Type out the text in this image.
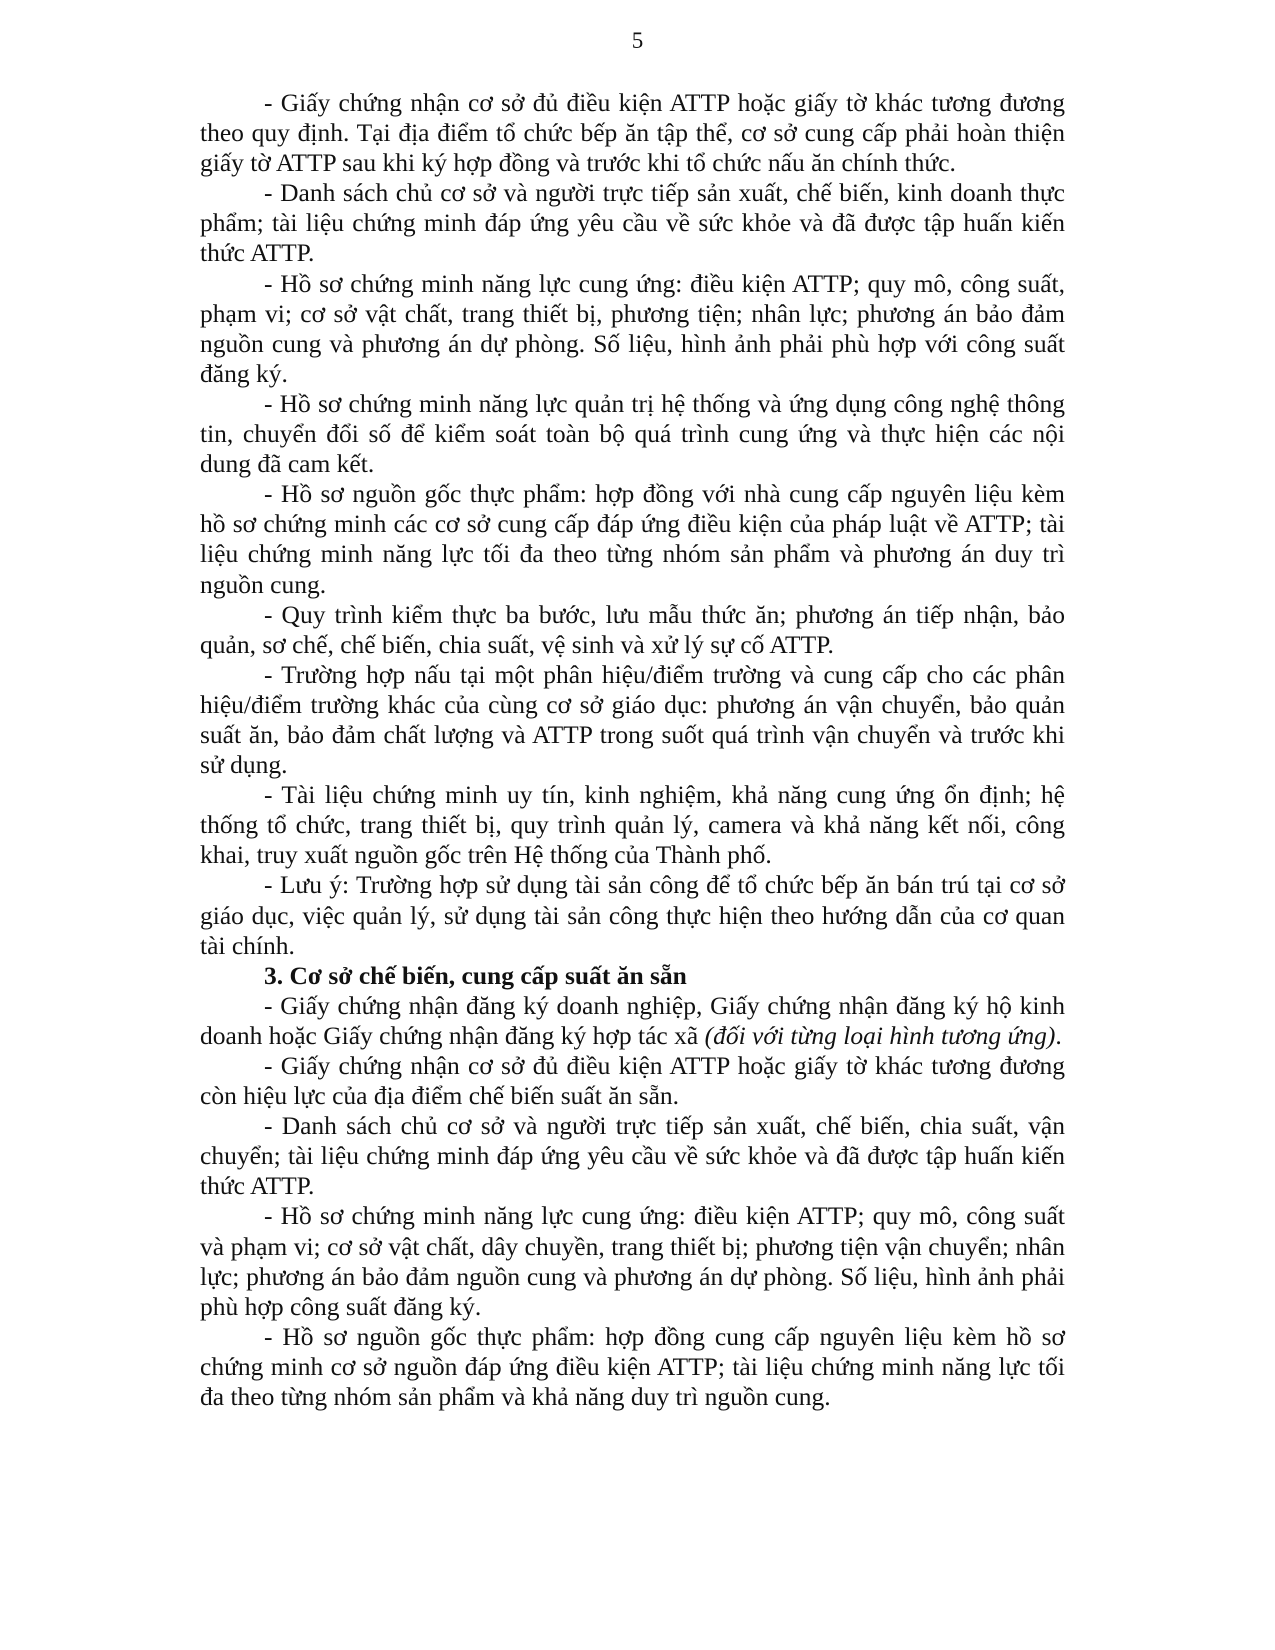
5

- Giấy chứng nhận cơ sở đủ điều kiện ATTP hoặc giấy tờ khác tương đương theo quy định. Tại địa điểm tổ chức bếp ăn tập thể, cơ sở cung cấp phải hoàn thiện giấy tờ ATTP sau khi ký hợp đồng và trước khi tổ chức nấu ăn chính thức.

- Danh sách chủ cơ sở và người trực tiếp sản xuất, chế biến, kinh doanh thực phẩm; tài liệu chứng minh đáp ứng yêu cầu về sức khỏe và đã được tập huấn kiến thức ATTP.

- Hồ sơ chứng minh năng lực cung ứng: điều kiện ATTP; quy mô, công suất, phạm vi; cơ sở vật chất, trang thiết bị, phương tiện; nhân lực; phương án bảo đảm nguồn cung và phương án dự phòng. Số liệu, hình ảnh phải phù hợp với công suất đăng ký.

- Hồ sơ chứng minh năng lực quản trị hệ thống và ứng dụng công nghệ thông tin, chuyển đổi số để kiểm soát toàn bộ quá trình cung ứng và thực hiện các nội dung đã cam kết.

- Hồ sơ nguồn gốc thực phẩm: hợp đồng với nhà cung cấp nguyên liệu kèm hồ sơ chứng minh các cơ sở cung cấp đáp ứng điều kiện của pháp luật về ATTP; tài liệu chứng minh năng lực tối đa theo từng nhóm sản phẩm và phương án duy trì nguồn cung.

- Quy trình kiểm thực ba bước, lưu mẫu thức ăn; phương án tiếp nhận, bảo quản, sơ chế, chế biến, chia suất, vệ sinh và xử lý sự cố ATTP.

- Trường hợp nấu tại một phân hiệu/điểm trường và cung cấp cho các phân hiệu/điểm trường khác của cùng cơ sở giáo dục: phương án vận chuyển, bảo quản suất ăn, bảo đảm chất lượng và ATTP trong suốt quá trình vận chuyển và trước khi sử dụng.

- Tài liệu chứng minh uy tín, kinh nghiệm, khả năng cung ứng ổn định; hệ thống tổ chức, trang thiết bị, quy trình quản lý, camera và khả năng kết nối, công khai, truy xuất nguồn gốc trên Hệ thống của Thành phố.

- Lưu ý: Trường hợp sử dụng tài sản công để tổ chức bếp ăn bán trú tại cơ sở giáo dục, việc quản lý, sử dụng tài sản công thực hiện theo hướng dẫn của cơ quan tài chính.

3. Cơ sở chế biến, cung cấp suất ăn sẵn

- Giấy chứng nhận đăng ký doanh nghiệp, Giấy chứng nhận đăng ký hộ kinh doanh hoặc Giấy chứng nhận đăng ký hợp tác xã (đối với từng loại hình tương ứng).

- Giấy chứng nhận cơ sở đủ điều kiện ATTP hoặc giấy tờ khác tương đương còn hiệu lực của địa điểm chế biến suất ăn sẵn.

- Danh sách chủ cơ sở và người trực tiếp sản xuất, chế biến, chia suất, vận chuyển; tài liệu chứng minh đáp ứng yêu cầu về sức khỏe và đã được tập huấn kiến thức ATTP.

- Hồ sơ chứng minh năng lực cung ứng: điều kiện ATTP; quy mô, công suất và phạm vi; cơ sở vật chất, dây chuyền, trang thiết bị; phương tiện vận chuyển; nhân lực; phương án bảo đảm nguồn cung và phương án dự phòng. Số liệu, hình ảnh phải phù hợp công suất đăng ký.

- Hồ sơ nguồn gốc thực phẩm: hợp đồng cung cấp nguyên liệu kèm hồ sơ chứng minh cơ sở nguồn đáp ứng điều kiện ATTP; tài liệu chứng minh năng lực tối đa theo từng nhóm sản phẩm và khả năng duy trì nguồn cung.
